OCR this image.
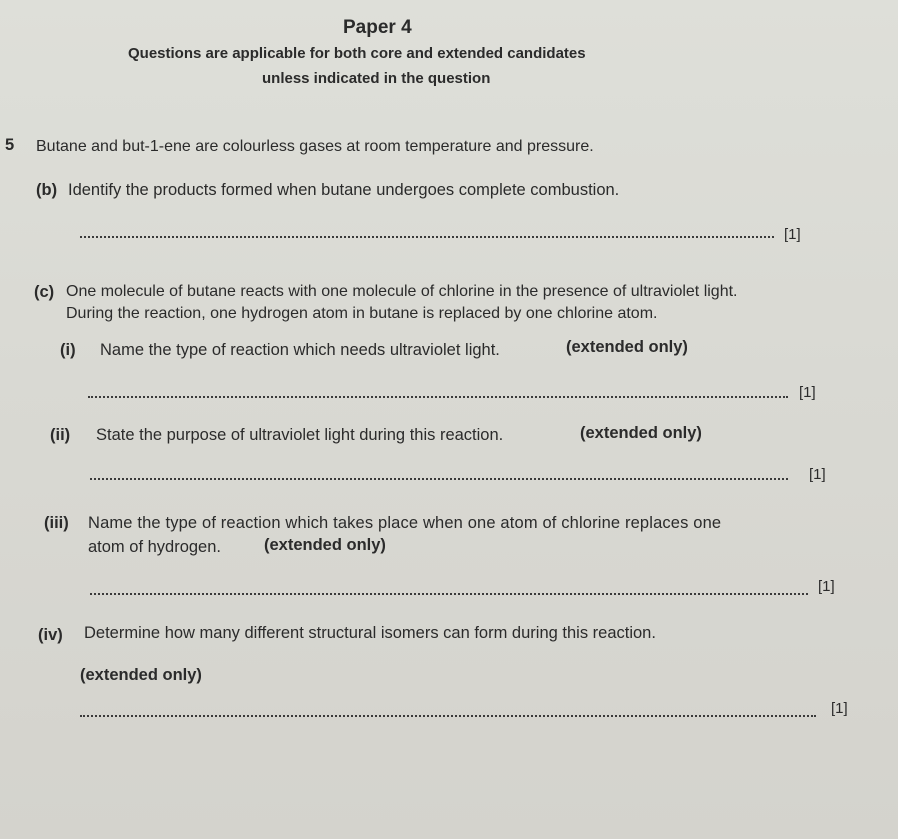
Paper 4
Questions are applicable for both core and extended candidates
unless indicated in the question
5 Butane and but-1-ene are colourless gases at room temperature and pressure.
(b) Identify the products formed when butane undergoes complete combustion.
[1]
(c) One molecule of butane reacts with one molecule of chlorine in the presence of ultraviolet light.
During the reaction, one hydrogen atom in butane is replaced by one chlorine atom.
(i) Name the type of reaction which needs ultraviolet light.	(extended only)
[1]
(ii) State the purpose of ultraviolet light during this reaction.	(extended only)
[1]
(iii) Name the type of reaction which takes place when one atom of chlorine replaces one
atom of hydrogen.	(extended only)
[1]
(iv) Determine how many different structural isomers can form during this reaction.
(extended only)
[1]
